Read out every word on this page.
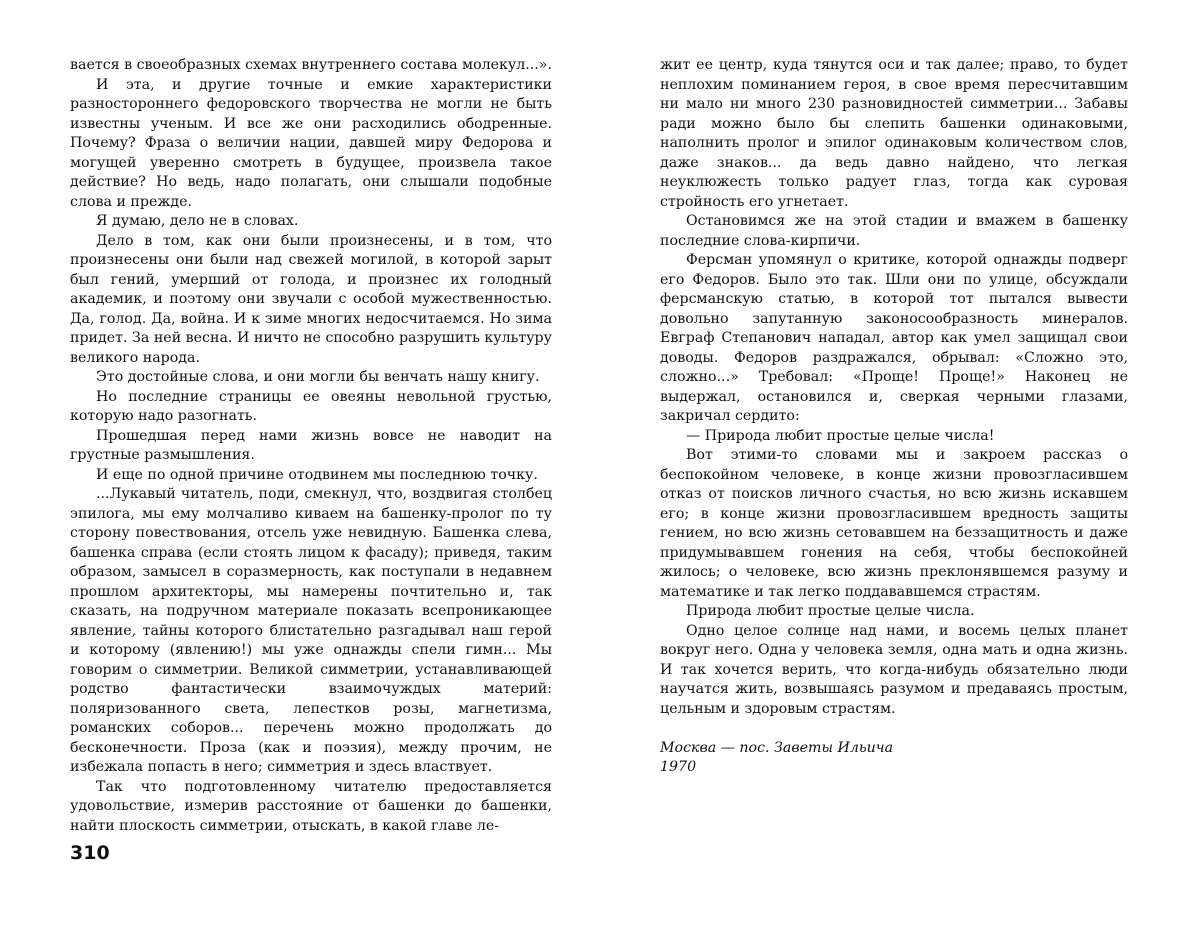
вается в своеобразных схемах внутреннего состава молекул...».

И эта, и другие точные и емкие характеристики разностороннего федоровского творчества не могли не быть известны ученым. И все же они расходились ободренные. Почему? Фраза о величии нации, давшей миру Федорова и могущей уверенно смотреть в будущее, произвела такое действие? Но ведь, надо полагать, они слышали подобные слова и прежде.

Я думаю, дело не в словах.

Дело в том, как они были произнесены, и в том, что произнесены они были над свежей могилой, в которой зарыт был гений, умерший от голода, и произнес их голодный академик, и поэтому они звучали с особой мужественностью. Да, голод. Да, война. И к зиме многих недосчитаемся. Но зима придет. За ней весна. И ничто не способно разрушить культуру великого народа.

Это достойные слова, и они могли бы венчать нашу книгу.

Но последние страницы ее овеяны невольной грустью, которую надо разогнать.

Прошедшая перед нами жизнь вовсе не наводит на грустные размышления.

И еще по одной причине отодвинем мы последнюю точку.

...Лукавый читатель, поди, смекнул, что, воздвигая столбец эпилога, мы ему молчаливо киваем на башенку-пролог по ту сторону повествования, отсель уже невидную. Башенка слева, башенка справа (если стоять лицом к фасаду); приведя, таким образом, замысел в соразмерность, как поступали в недавнем прошлом архитекторы, мы намерены почтительно и, так сказать, на подручном материале показать всепроникающее явление, тайны которого блистательно разгадывал наш герой и которому (явлению!) мы уже однажды спели гимн... Мы говорим о симметрии. Великой симметрии, устанавливающей родство фантастически взаимочуждых материй: поляризованного света, лепестков розы, магнетизма, романских соборов... перечень можно продолжать до бесконечности. Проза (как и поэзия), между прочим, не избежала попасть в него; симметрия и здесь властвует.

Так что подготовленному читателю предоставляется удовольствие, измерив расстояние от башенки до башенки, найти плоскость симметрии, отыскать, в какой главе ле-

310

жит ее центр, куда тянутся оси и так далее; право, то будет неплохим поминанием героя, в свое время пересчитавшим ни мало ни много 230 разновидностей симметрии... Забавы ради можно было бы слепить башенки одинаковыми, наполнить пролог и эпилог одинаковым количеством слов, даже знаков... да ведь давно найдено, что легкая неуклюжесть только радует глаз, тогда как суровая стройность его угнетает.

Остановимся же на этой стадии и вмажем в башенку последние слова-кирпичи.

Ферсман упомянул о критике, которой однажды подверг его Федоров. Было это так. Шли они по улице, обсуждали ферсманскую статью, в которой тот пытался вывести довольно запутанную законосообразность минералов. Евграф Степанович нападал, автор как умел защищал свои доводы. Федоров раздражался, обрывал: «Сложно это, сложно...» Требовал: «Проще! Проще!» Наконец не выдержал, остановился и, сверкая черными глазами, закричал сердито:

— Природа любит простые целые числа!

Вот этими-то словами мы и закроем рассказ о беспокойном человеке, в конце жизни провозгласившем отказ от поисков личного счастья, но всю жизнь искавшем его; в конце жизни провозгласившем вредность защиты гением, но всю жизнь сетовавшем на беззащитность и даже придумывавшем гонения на себя, чтобы беспокойней жилось; о человеке, всю жизнь преклонявшемся разуму и математике и так легко поддававшемся страстям.

Природа любит простые целые числа.

Одно целое солнце над нами, и восемь целых планет вокруг него. Одна у человека земля, одна мать и одна жизнь. И так хочется верить, что когда-нибудь обязательно люди научатся жить, возвышаясь разумом и предаваясь простым, цельным и здоровым страстям.

Москва — пос. Заветы Ильича
1970
